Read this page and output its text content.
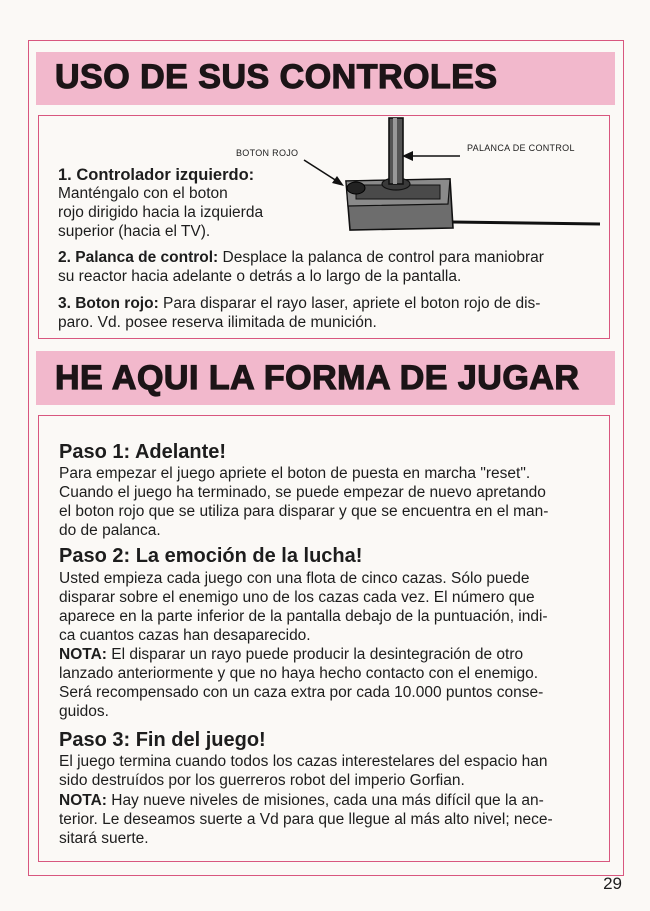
USO DE SUS CONTROLES
BOTON ROJO	PALANCA DE CONTROL

1. Controlador izquierdo:

Manténgalo con el boton

rojo dirigido hacia la izquierda

superior (hacia el TV).

2. Palanca de control: Desplace la palanca de control para maniobrar

su reactor hacia adelante o detrás a lo largo de la pantalla.

3. Boton rojo: Para disparar el rayo laser, apriete el boton rojo de dis-

paro. Vd. posee reserva ilimitada de munición.

HE AQUI LA FORMA DE JUGAR

Paso 1: Adelante!

Para empezar el juego apriete el boton de puesta en marcha "reset".

Cuando el juego ha terminado, se puede empezar de nuevo apretando

el boton rojo que se utiliza para disparar y que se encuentra en el man-

do de palanca.

Paso 2: La emoción de la lucha!

Usted empieza cada juego con una flota de cinco cazas. Sólo puede

disparar sobre el enemigo uno de los cazas cada vez. El número que

aparece en la parte inferior de la pantalla debajo de la puntuación, indi-

ca cuantos cazas han desaparecido.

NOTA: El disparar un rayo puede producir la desintegración de otro

lanzado anteriormente y que no haya hecho contacto con el enemigo.

Será recompensado con un caza extra por cada 10.000 puntos conse-

guidos.

Paso 3: Fin del juego!

El juego termina cuando todos los cazas interestelares del espacio han

sido destruídos por los guerreros robot del imperio Gorfian.

NOTA: Hay nueve niveles de misiones, cada una más difícil que la an-

terior. Le deseamos suerte a Vd para que llegue al más alto nivel; nece-

sitará suerte.

29
